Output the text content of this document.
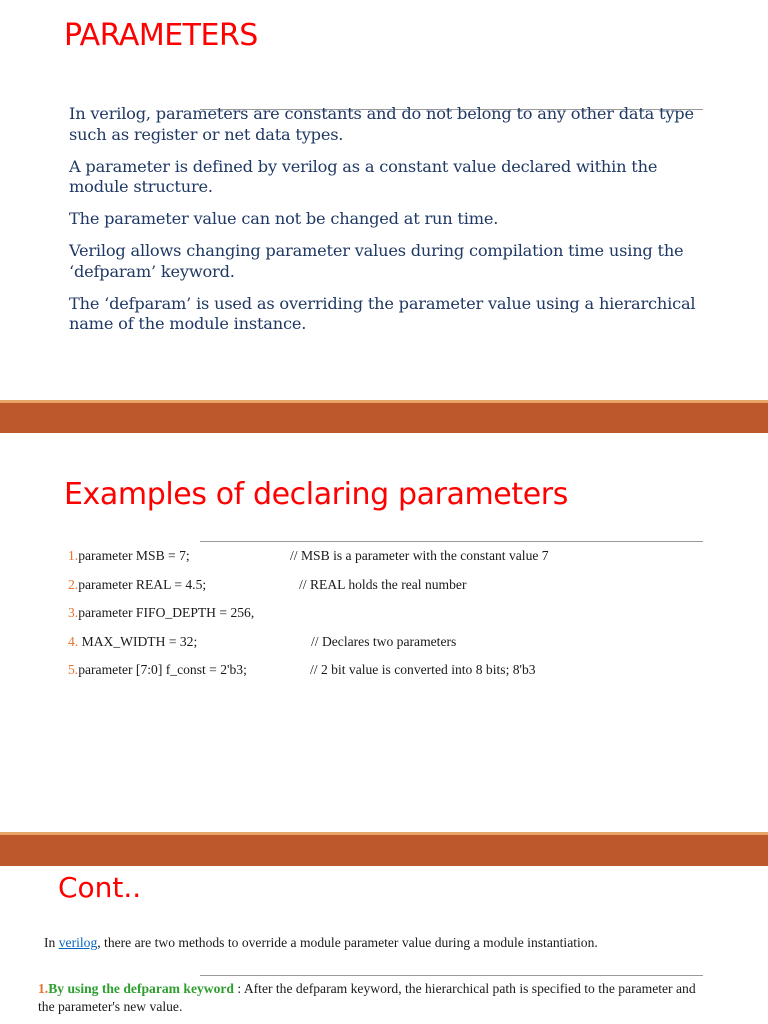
PARAMETERS

In verilog, parameters are constants and do not belong to any other data type such as register or net data types.

A parameter is defined by verilog as a constant value declared within the module structure.

The parameter value can not be changed at run time.

Verilog allows changing parameter values during compilation time using the ‘defparam’ keyword.

The ‘defparam’ is used as overriding the parameter value using a hierarchical name of the module instance.

Examples of declaring parameters
1.parameter MSB = 7;	// MSB is a parameter with the constant value 7
2.parameter REAL = 4.5;	// REAL holds the real number
3.parameter FIFO_DEPTH = 256,
4. MAX_WIDTH = 32;	// Declares two parameters
5.parameter [7:0] f_const = 2'b3;	// 2 bit value is converted into 8 bits; 8'b3
Cont..

In verilog, there are two methods to override a module parameter value during a module instantiation.

1.By using the defparam keyword : After the defparam keyword, the hierarchical path is specified to the parameter and the parameter's new value.
